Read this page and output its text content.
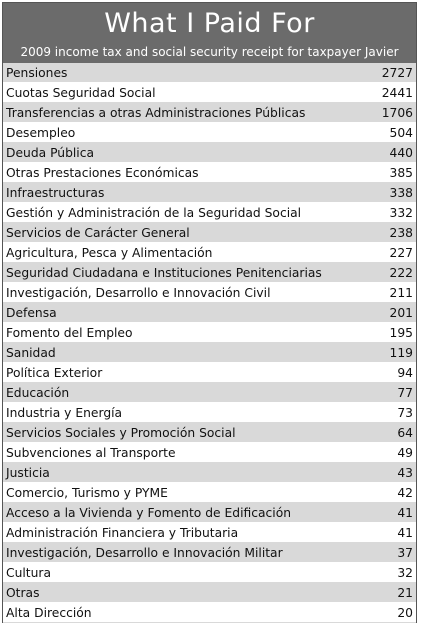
What I Paid For
2009 income tax and social security receipt for taxpayer Javier
Pensiones	2727
Cuotas Seguridad Social	2441
Transferencias a otras Administraciones Públicas	1706
Desempleo	504
Deuda Pública	440
Otras Prestaciones Económicas	385
Infraestructuras	338
Gestión y Administración de la Seguridad Social	332
Servicios de Carácter General	238
Agricultura, Pesca y Alimentación	227
Seguridad Ciudadana e Instituciones Penitenciarias	222
Investigación, Desarrollo e Innovación Civil	211
Defensa	201
Fomento del Empleo	195
Sanidad	119
Política Exterior	94
Educación	77
Industria y Energía	73
Servicios Sociales y Promoción Social	64
Subvenciones al Transporte	49
Justicia	43
Comercio, Turismo y PYME	42
Acceso a la Vivienda y Fomento de Edificación	41
Administración Financiera y Tributaria	41
Investigación, Desarrollo e Innovación Militar	37
Cultura	32
Otras	21
Alta Dirección	20
